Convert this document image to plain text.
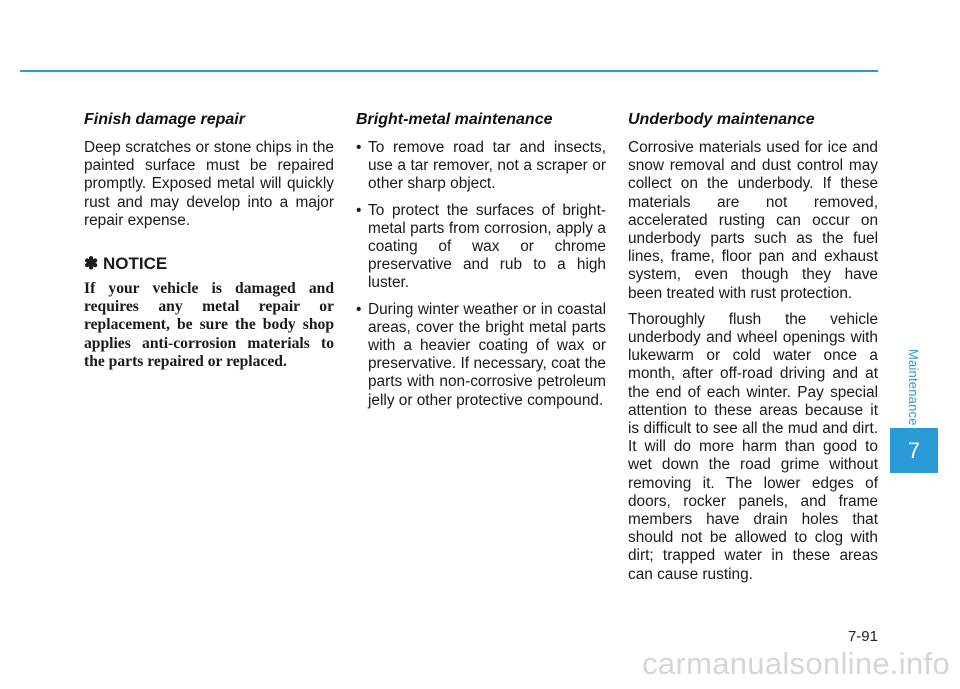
Finish damage repair

Deep scratches or stone chips in the painted surface must be repaired promptly. Exposed metal will quickly rust and may develop into a major repair expense.

✽ NOTICE

If your vehicle is damaged and requires any metal repair or replacement, be sure the body shop applies anti-corrosion materials to the parts repaired or replaced.

Bright-metal maintenance
• To remove road tar and insects, use a tar remover, not a scraper or other sharp object.
• To protect the surfaces of bright-metal parts from corrosion, apply a coating of wax or chrome preservative and rub to a high luster.
• During winter weather or in coastal areas, cover the bright metal parts with a heavier coating of wax or preservative. If necessary, coat the parts with non-corrosive petroleum jelly or other protective compound.
Underbody maintenance

Corrosive materials used for ice and snow removal and dust control may collect on the underbody. If these materials are not removed, accelerated rusting can occur on underbody parts such as the fuel lines, frame, floor pan and exhaust system, even though they have been treated with rust protection.

Thoroughly flush the vehicle underbody and wheel openings with lukewarm or cold water once a month, after off-road driving and at the end of each winter. Pay special attention to these areas because it is difficult to see all the mud and dirt. It will do more harm than good to wet down the road grime without removing it. The lower edges of doors, rocker panels, and frame members have drain holes that should not be allowed to clog with dirt; trapped water in these areas can cause rusting.

Maintenance
7
7-91
carmanualsonline.info
